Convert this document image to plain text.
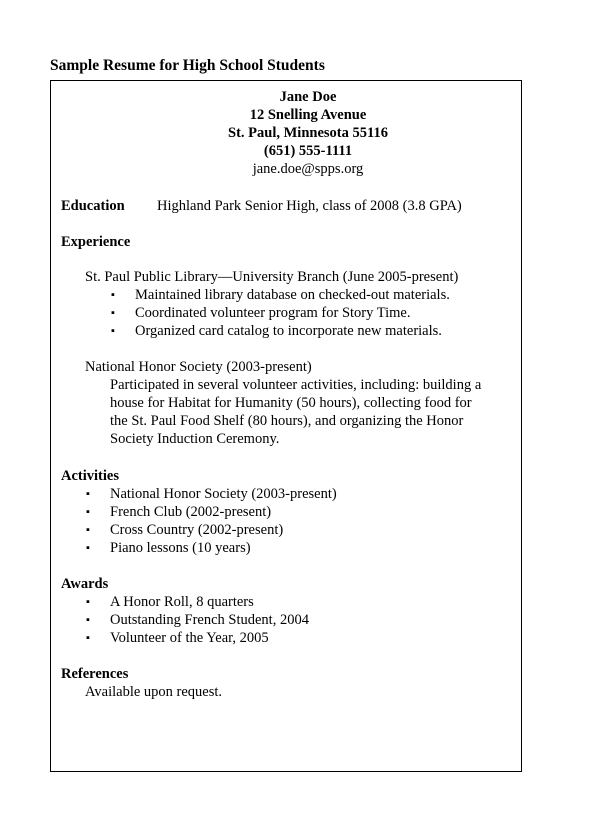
Sample Resume for High School Students
Jane Doe
12 Snelling Avenue
St. Paul, Minnesota 55116
(651) 555-1111
jane.doe@spps.org
Education Highland Park Senior High, class of 2008 (3.8 GPA)
Experience
St. Paul Public Library—University Branch (June 2005-present)
▪ Maintained library database on checked-out materials.
▪ Coordinated volunteer program for Story Time.
▪ Organized card catalog to incorporate new materials.
National Honor Society (2003-present)
Participated in several volunteer activities, including: building a
house for Habitat for Humanity (50 hours), collecting food for
the St. Paul Food Shelf (80 hours), and organizing the Honor
Society Induction Ceremony.
Activities
▪ National Honor Society (2003-present)
▪ French Club (2002-present)
▪ Cross Country (2002-present)
▪ Piano lessons (10 years)
Awards
▪ A Honor Roll, 8 quarters
▪ Outstanding French Student, 2004
▪ Volunteer of the Year, 2005
References
Available upon request.
